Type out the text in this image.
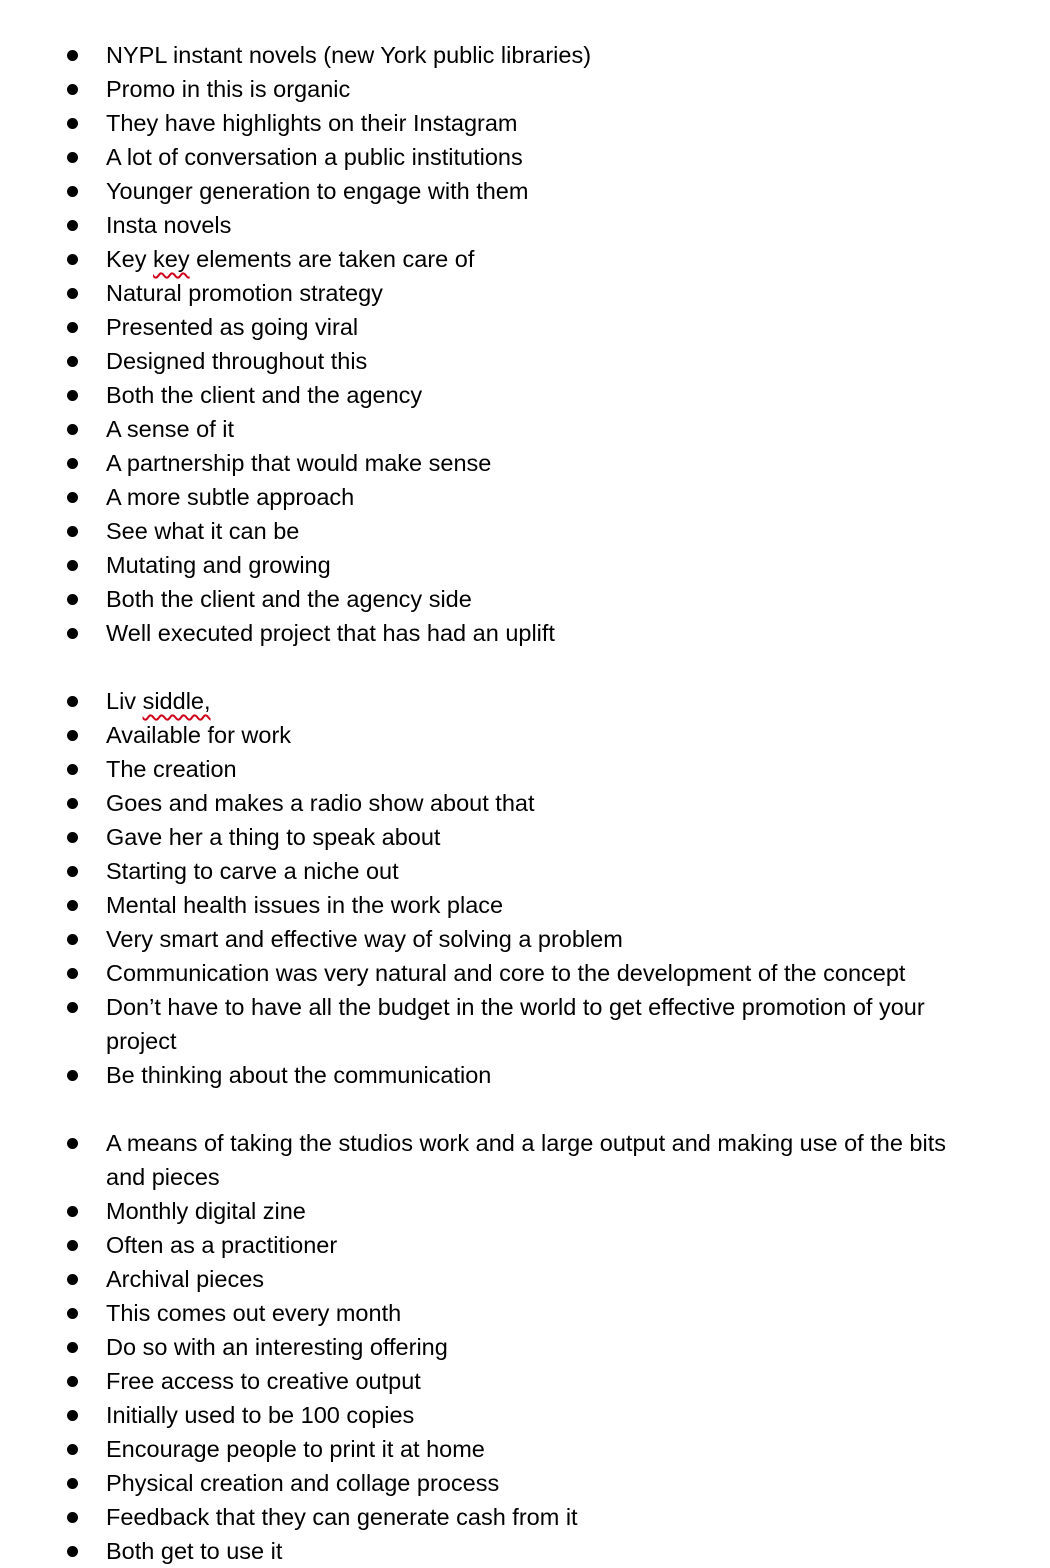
NYPL instant novels (new York public libraries)
Promo in this is organic
They have highlights on their Instagram
A lot of conversation a public institutions
Younger generation to engage with them
Insta novels
Key key elements are taken care of
Natural promotion strategy
Presented as going viral
Designed throughout this
Both the client and the agency
A sense of it
A partnership that would make sense
A more subtle approach
See what it can be
Mutating and growing
Both the client and the agency side
Well executed project that has had an uplift
Liv siddle,
Available for work
The creation
Goes and makes a radio show about that
Gave her a thing to speak about
Starting to carve a niche out
Mental health issues in the work place
Very smart and effective way of solving a problem
Communication was very natural and core to the development of the concept
Don’t have to have all the budget in the world to get effective promotion of your project
Be thinking about the communication
A means of taking the studios work and a large output and making use of the bits and pieces
Monthly digital zine
Often as a practitioner
Archival pieces
This comes out every month
Do so with an interesting offering
Free access to creative output
Initially used to be 100 copies
Encourage people to print it at home
Physical creation and collage process
Feedback that they can generate cash from it
Both get to use it
